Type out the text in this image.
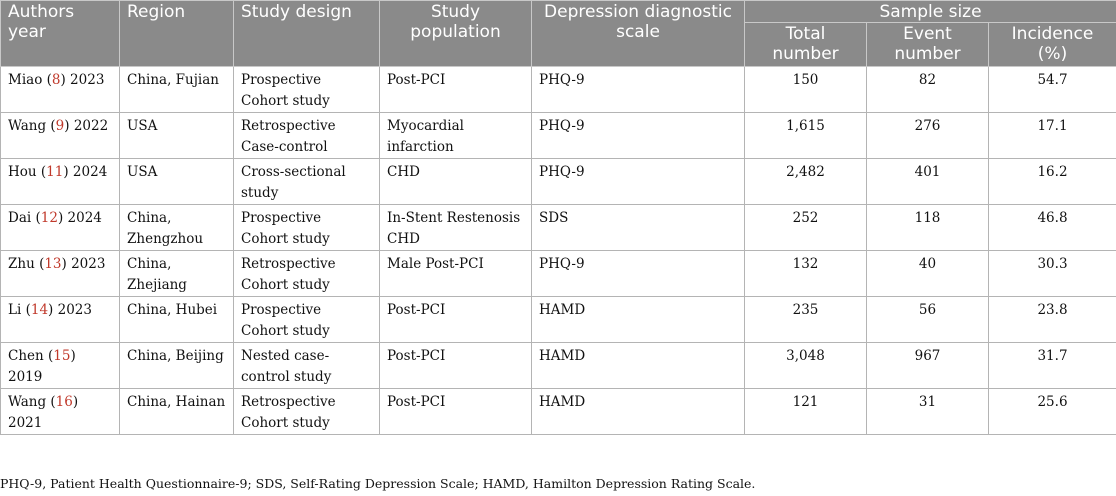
Authors year	Region	Study design	Study population	Depression diagnostic scale	Sample size		
					Total number	Event number	Incidence (%)
Miao (8) 2023	China, Fujian	Prospective Cohort study	Post-PCI	PHQ-9	150	82	54.7
Wang (9) 2022	USA	Retrospective Case-control	Myocardial infarction	PHQ-9	1,615	276	17.1
Hou (11) 2024	USA	Cross-sectional study	CHD	PHQ-9	2,482	401	16.2
Dai (12) 2024	China, Zhengzhou	Prospective Cohort study	In-Stent Restenosis CHD	SDS	252	118	46.8
Zhu (13) 2023	China, Zhejiang	Retrospective Cohort study	Male Post-PCI	PHQ-9	132	40	30.3
Li (14) 2023	China, Hubei	Prospective Cohort study	Post-PCI	HAMD	235	56	23.8
Chen (15) 2019	China, Beijing	Nested case-control study	Post-PCI	HAMD	3,048	967	31.7
Wang (16) 2021	China, Hainan	Retrospective Cohort study	Post-PCI	HAMD	121	31	25.6
PHQ-9, Patient Health Questionnaire-9; SDS, Self-Rating Depression Scale; HAMD, Hamilton Depression Rating Scale.
